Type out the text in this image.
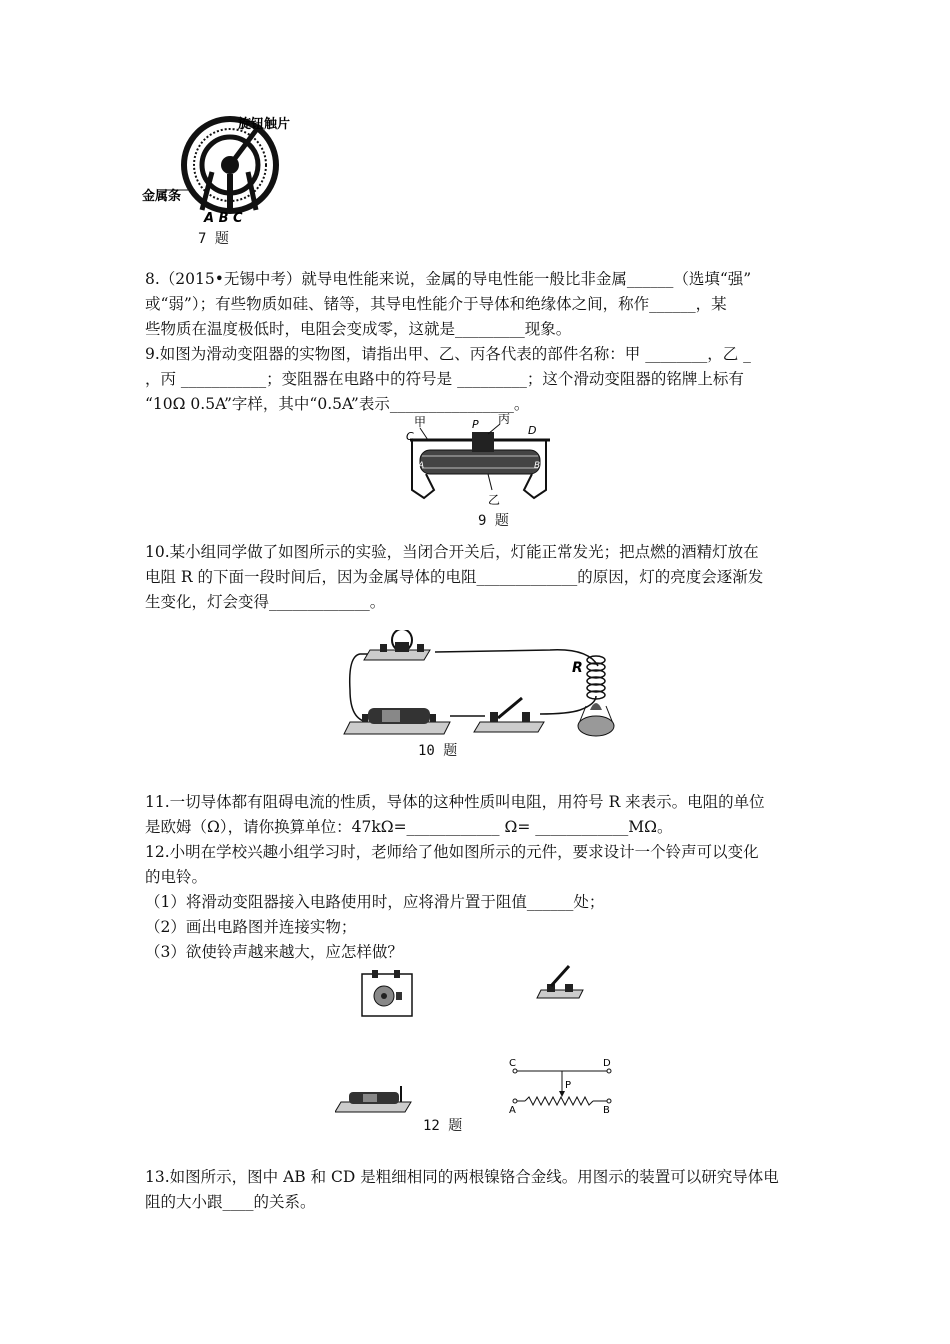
旋钮触片
金属条
A B C
7 题
8.（2015•无锡中考）就导电性能来说，金属的导电性能一般比非金属______（选填“强”
或“弱”）；有些物质如硅、锗等，其导电性能介于导体和绝缘体之间，称作______，某
些物质在温度极低时，电阻会变成零，这就是_________现象。
9.如图为滑动变阻器的实物图，请指出甲、乙、丙各代表的部件名称：甲 ________，乙 _
，丙 ___________；变阻器在电路中的符号是 _________；这个滑动变阻器的铭牌上标有
“10Ω 0.5A”字样，其中“0.5A”表示________________。
甲	丙
C
P	D
A	B
乙
9 题
10.某小组同学做了如图所示的实验，当闭合开关后，灯能正常发光；把点燃的酒精灯放在
电阻 R 的下面一段时间后，因为金属导体的电阻_____________的原因，灯的亮度会逐渐发
生变化，灯会变得_____________。
R
10 题
11.一切导体都有阻碍电流的性质，导体的这种性质叫电阻，用符号 R 来表示。电阻的单位
是欧姆（Ω），请你换算单位：47kΩ=____________ Ω= ____________MΩ。
12.小明在学校兴趣小组学习时，老师给了他如图所示的元件，要求设计一个铃声可以变化
的电铃。
（1）将滑动变阻器接入电路使用时，应将滑片置于阻值______处；
（2）画出电路图并连接实物；
（3）欲使铃声越来越大，应怎样做？
C	D
P
A	B
12 题
13.如图所示，图中 AB 和 CD 是粗细相同的两根镍铬合金线。用图示的装置可以研究导体电
阻的大小跟____的关系。
